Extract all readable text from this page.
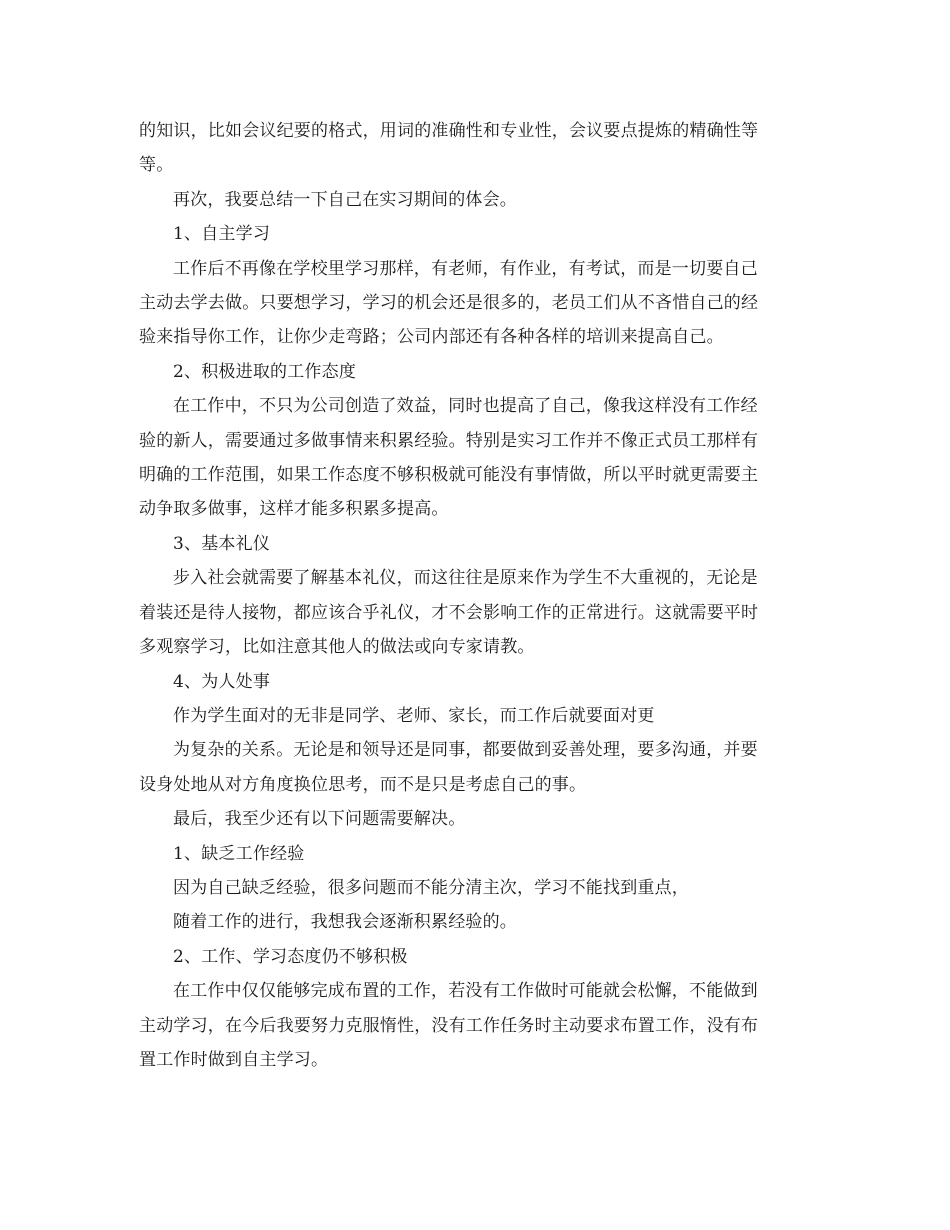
的知识，比如会议纪要的格式，用词的准确性和专业性，会议要点提炼的精确性等
等。
再次，我要总结一下自己在实习期间的体会。
1、自主学习
工作后不再像在学校里学习那样，有老师，有作业，有考试，而是一切要自己
主动去学去做。只要想学习，学习的机会还是很多的，老员工们从不吝惜自己的经
验来指导你工作，让你少走弯路；公司内部还有各种各样的培训来提高自己。
2、积极进取的工作态度
在工作中，不只为公司创造了效益，同时也提高了自己，像我这样没有工作经
验的新人，需要通过多做事情来积累经验。特别是实习工作并不像正式员工那样有
明确的工作范围，如果工作态度不够积极就可能没有事情做，所以平时就更需要主
动争取多做事，这样才能多积累多提高。
3、基本礼仪
步入社会就需要了解基本礼仪，而这往往是原来作为学生不大重视的，无论是
着装还是待人接物，都应该合乎礼仪，才不会影响工作的正常进行。这就需要平时
多观察学习，比如注意其他人的做法或向专家请教。
4、为人处事
作为学生面对的无非是同学、老师、家长，而工作后就要面对更
为复杂的关系。无论是和领导还是同事，都要做到妥善处理，要多沟通，并要
设身处地从对方角度换位思考，而不是只是考虑自己的事。
最后，我至少还有以下问题需要解决。
1、缺乏工作经验
因为自己缺乏经验，很多问题而不能分清主次，学习不能找到重点，
随着工作的进行，我想我会逐渐积累经验的。
2、工作、学习态度仍不够积极
在工作中仅仅能够完成布置的工作，若没有工作做时可能就会松懈，不能做到
主动学习，在今后我要努力克服惰性，没有工作任务时主动要求布置工作，没有布
置工作时做到自主学习。
